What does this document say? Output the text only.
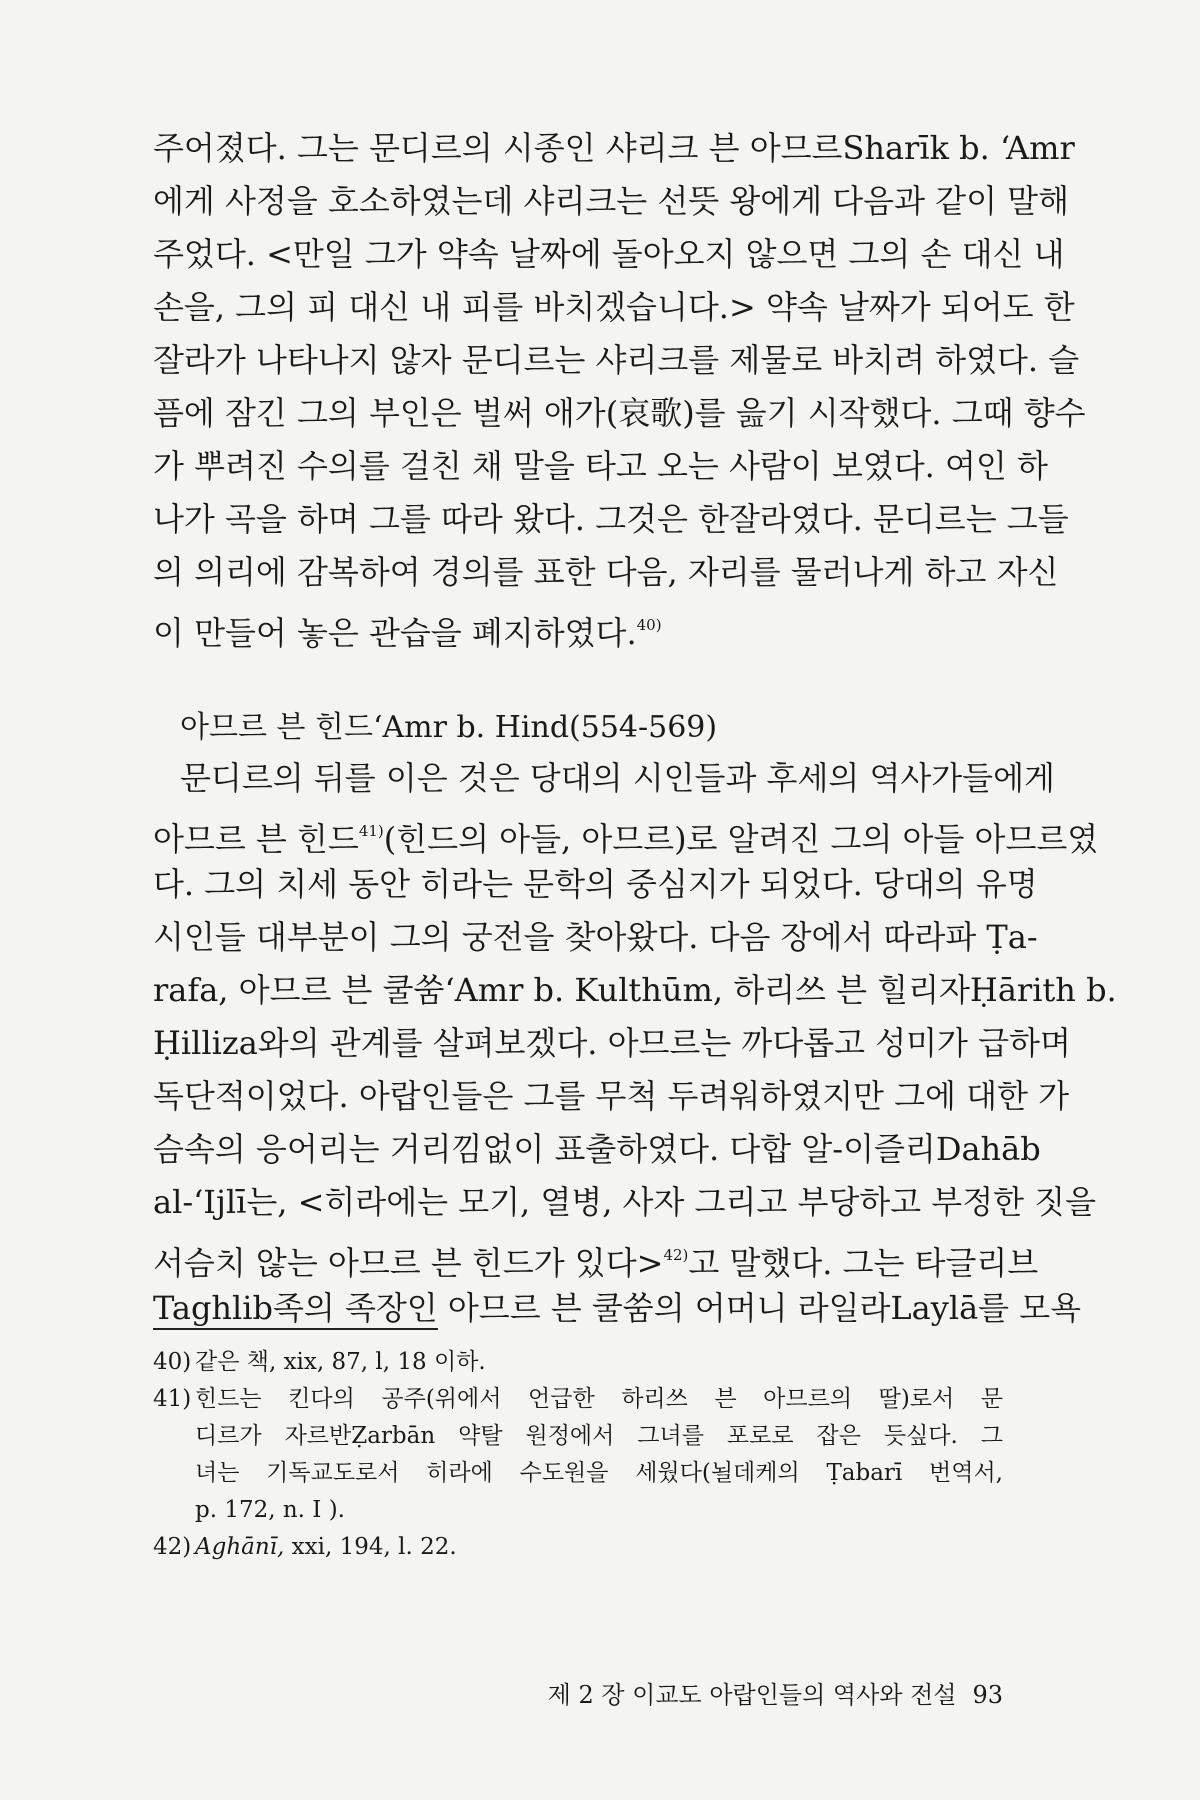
주어졌다. 그는 문디르의 시종인 샤리크 븐 아므르Sharīk b. ‘Amr
에게 사정을 호소하였는데 샤리크는 선뜻 왕에게 다음과 같이 말해
주었다. <만일 그가 약속 날짜에 돌아오지 않으면 그의 손 대신 내
손을, 그의 피 대신 내 피를 바치겠습니다.> 약속 날짜가 되어도 한
잘라가 나타나지 않자 문디르는 샤리크를 제물로 바치려 하였다. 슬
픔에 잠긴 그의 부인은 벌써 애가(哀歌)를 읊기 시작했다. 그때 향수
가 뿌려진 수의를 걸친 채 말을 타고 오는 사람이 보였다. 여인 하
나가 곡을 하며 그를 따라 왔다. 그것은 한잘라였다. 문디르는 그들
의 의리에 감복하여 경의를 표한 다음, 자리를 물러나게 하고 자신
이 만들어 놓은 관습을 폐지하였다.$^{40)}$
아므르 븐 힌드‘Amr b. Hind(554-569)
문디르의 뒤를 이은 것은 당대의 시인들과 후세의 역사가들에게
아므르 븐 힌드$^{41)}$(힌드의 아들, 아므르)로 알려진 그의 아들 아므르였
다. 그의 치세 동안 히라는 문학의 중심지가 되었다. 당대의 유명
시인들 대부분이 그의 궁전을 찾아왔다. 다음 장에서 따라파 Ṭa-
rafa, 아므르 븐 쿨쑴‘Amr b. Kulthūm, 하리쓰 븐 힐리자Ḥārith b.
Ḥilliza와의 관계를 살펴보겠다. 아므르는 까다롭고 성미가 급하며
독단적이었다. 아랍인들은 그를 무척 두려워하였지만 그에 대한 가
슴속의 응어리는 거리낌없이 표출하였다. 다합 알-이즐리Dahāb
al-‘Ijlī는, <히라에는 모기, 열병, 사자 그리고 부당하고 부정한 짓을
서슴치 않는 아므르 븐 힌드가 있다>$^{42)}$고 말했다. 그는 타글리브
Taghlib족의 족장인 아므르 븐 쿨쑴의 어머니 라일라Laylā를 모욕
40) 같은 책, xix, 87, l, 18 이하.
41) 힌드는 킨다의 공주(위에서 언급한 하리쓰 븐 아므르의 딸)로서 문
디르가 자르반Ẓarbān 약탈 원정에서 그녀를 포로로 잡은 듯싶다. 그
녀는 기독교도로서 히라에 수도원을 세웠다(뇔데케의 Ṭabarī 번역서,
p. 172, n. I ).
42) Aghānī, xxi, 194, l. 22.
제 2 장 이교도 아랍인들의 역사와 전설 93
